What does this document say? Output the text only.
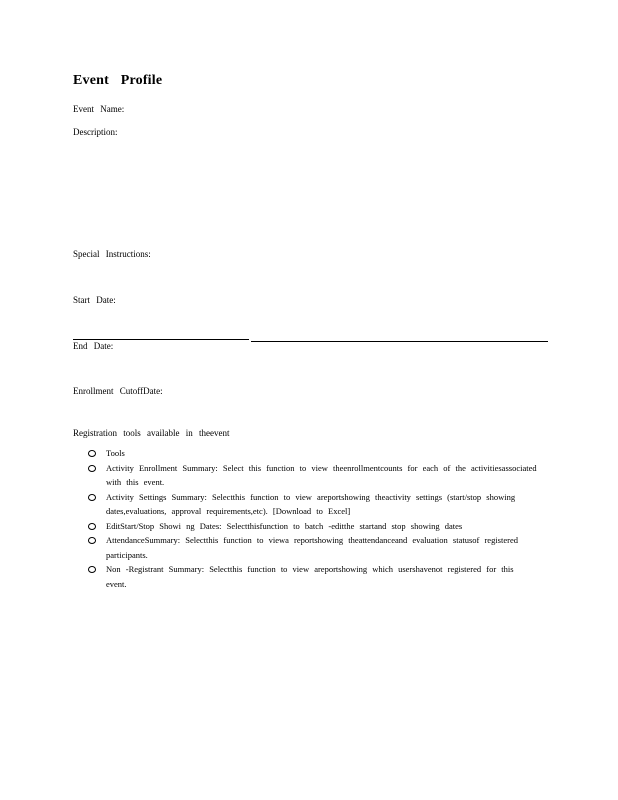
Event Profile
Event Name:
Description:
Special Instructions:
Start Date:
End Date:
Enrollment CutoffDate:
Registration tools available in theevent
Tools
Activity Enrollment Summary: Select this function to view theenrollmentcounts for each of the activitiesassociated with this event.
Activity Settings Summary: Selectthis function to view areportshowing theactivity settings (start/stop showing dates,evaluations, approval requirements,etc). [Download to Excel]
EditStart/Stop Showi ng Dates: Selectthisfunction to batch -editthe startand stop showing dates
AttendanceSummary: Selectthis function to viewa reportshowing theattendanceand evaluation statusof registered participants.
Non -Registrant Summary: Selectthis function to view areportshowing which usershavenot registered for this event.
